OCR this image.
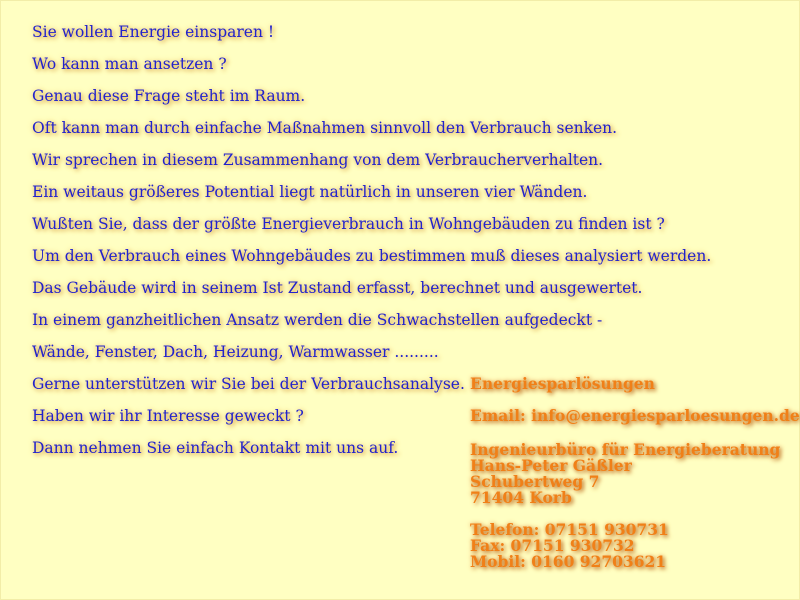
Sie wollen Energie einsparen !
Wo kann man ansetzen ?
Genau diese Frage steht im Raum.
Oft kann man durch einfache Maßnahmen sinnvoll den Verbrauch senken.
Wir sprechen in diesem Zusammenhang von dem Verbraucherverhalten.
Ein weitaus größeres Potential liegt natürlich in unseren vier Wänden.
Wußten Sie, dass der größte Energieverbrauch in Wohngebäuden zu finden ist ?
Um den Verbrauch eines Wohngebäudes zu bestimmen muß dieses analysiert werden.
Das Gebäude wird in seinem Ist Zustand erfasst, berechnet und ausgewertet.
In einem ganzheitlichen Ansatz werden die Schwachstellen aufgedeckt -
Wände, Fenster, Dach, Heizung, Warmwasser .........
Gerne unterstützen wir Sie bei der Verbrauchsanalyse.
Haben wir ihr Interesse geweckt ?
Dann nehmen Sie einfach Kontakt mit uns auf.
Energiesparlösungen
Email: info@energiesparloesungen.de
Ingenieurbüro für Energieberatung
Hans-Peter Gäßler
Schubertweg 7
71404 Korb
Telefon: 07151 930731
Fax: 07151 930732
Mobil: 0160 92703621
